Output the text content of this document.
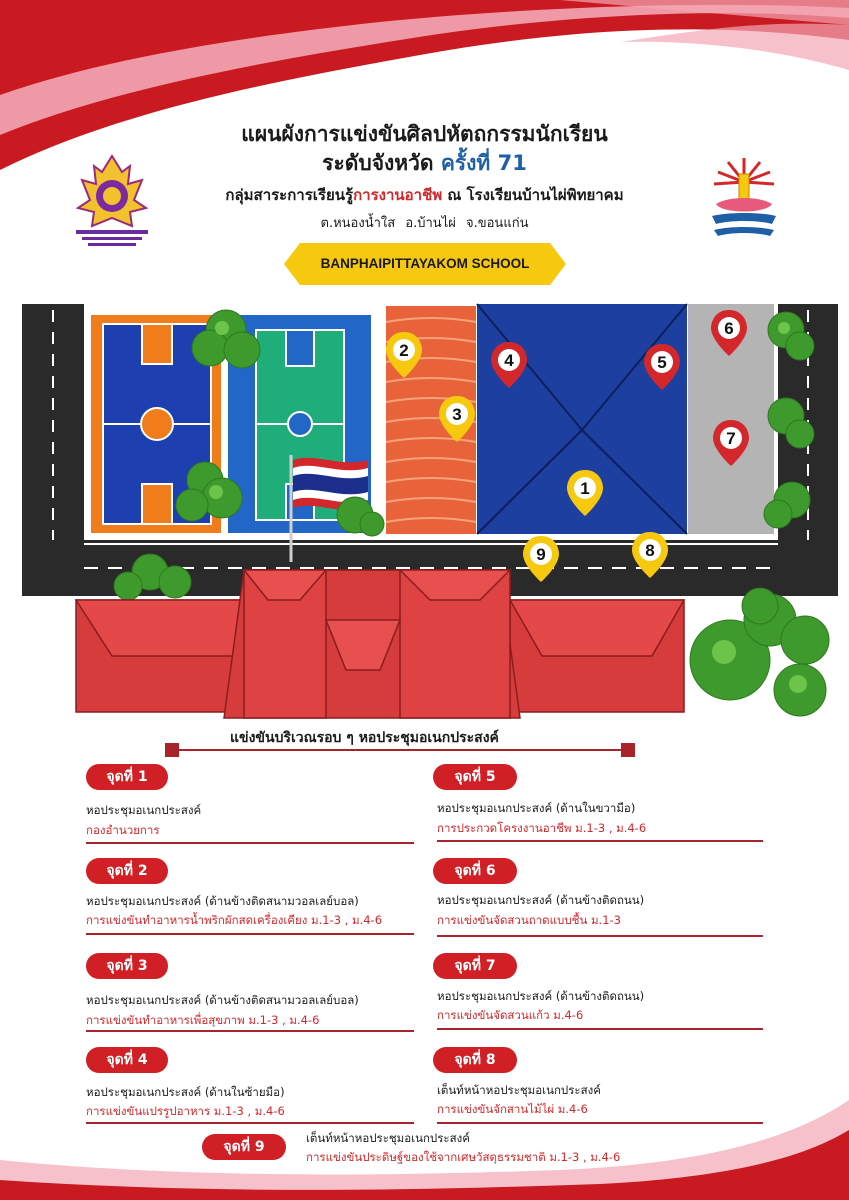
แผนผังการแข่งขันศิลปหัตถกรรมนักเรียน
ระดับจังหวัด ครั้งที่ 71
กลุ่มสาระการเรียนรู้การงานอาชีพ ณ โรงเรียนบ้านไผ่พิทยาคม
ต.หนองน้ำใส อ.บ้านไผ่ จ.ขอนแก่น
BANPHAIPITTAYAKOM SCHOOL
1
2
3
4	5
6
7
8
9
แข่งขันบริเวณรอบ ๆ หอประชุมอเนกประสงค์
จุดที่ 1
หอประชุมอเนกประสงค์
กองอำนวยการ
จุดที่ 2
หอประชุมอเนกประสงค์ (ด้านข้างติดสนามวอลเลย์บอล)
การแข่งขันทำอาหารน้ำพริกผักสดเครื่องเคียง ม.1-3 , ม.4-6
จุดที่ 3
หอประชุมอเนกประสงค์ (ด้านข้างติดสนามวอลเลย์บอล)
การแข่งขันทำอาหารเพื่อสุขภาพ ม.1-3 , ม.4-6
จุดที่ 4
หอประชุมอเนกประสงค์ (ด้านในซ้ายมือ)
การแข่งขันแปรรูปอาหาร ม.1-3 , ม.4-6
จุดที่ 5
หอประชุมอเนกประสงค์ (ด้านในขวามือ)
การประกวดโครงงานอาชีพ ม.1-3 , ม.4-6
จุดที่ 6
หอประชุมอเนกประสงค์ (ด้านข้างติดถนน)
การแข่งขันจัดสวนถาดแบบชื้น ม.1-3
จุดที่ 7
หอประชุมอเนกประสงค์ (ด้านข้างติดถนน)
การแข่งขันจัดสวนแก้ว ม.4-6
จุดที่ 8
เต็นท์หน้าหอประชุมอเนกประสงค์
การแข่งขันจักสานไม้ไผ่ ม.4-6
จุดที่ 9
เต็นท์หน้าหอประชุมอเนกประสงค์
การแข่งขันประดิษฐ์ของใช้จากเศษวัสดุธรรมชาติ ม.1-3 , ม.4-6
